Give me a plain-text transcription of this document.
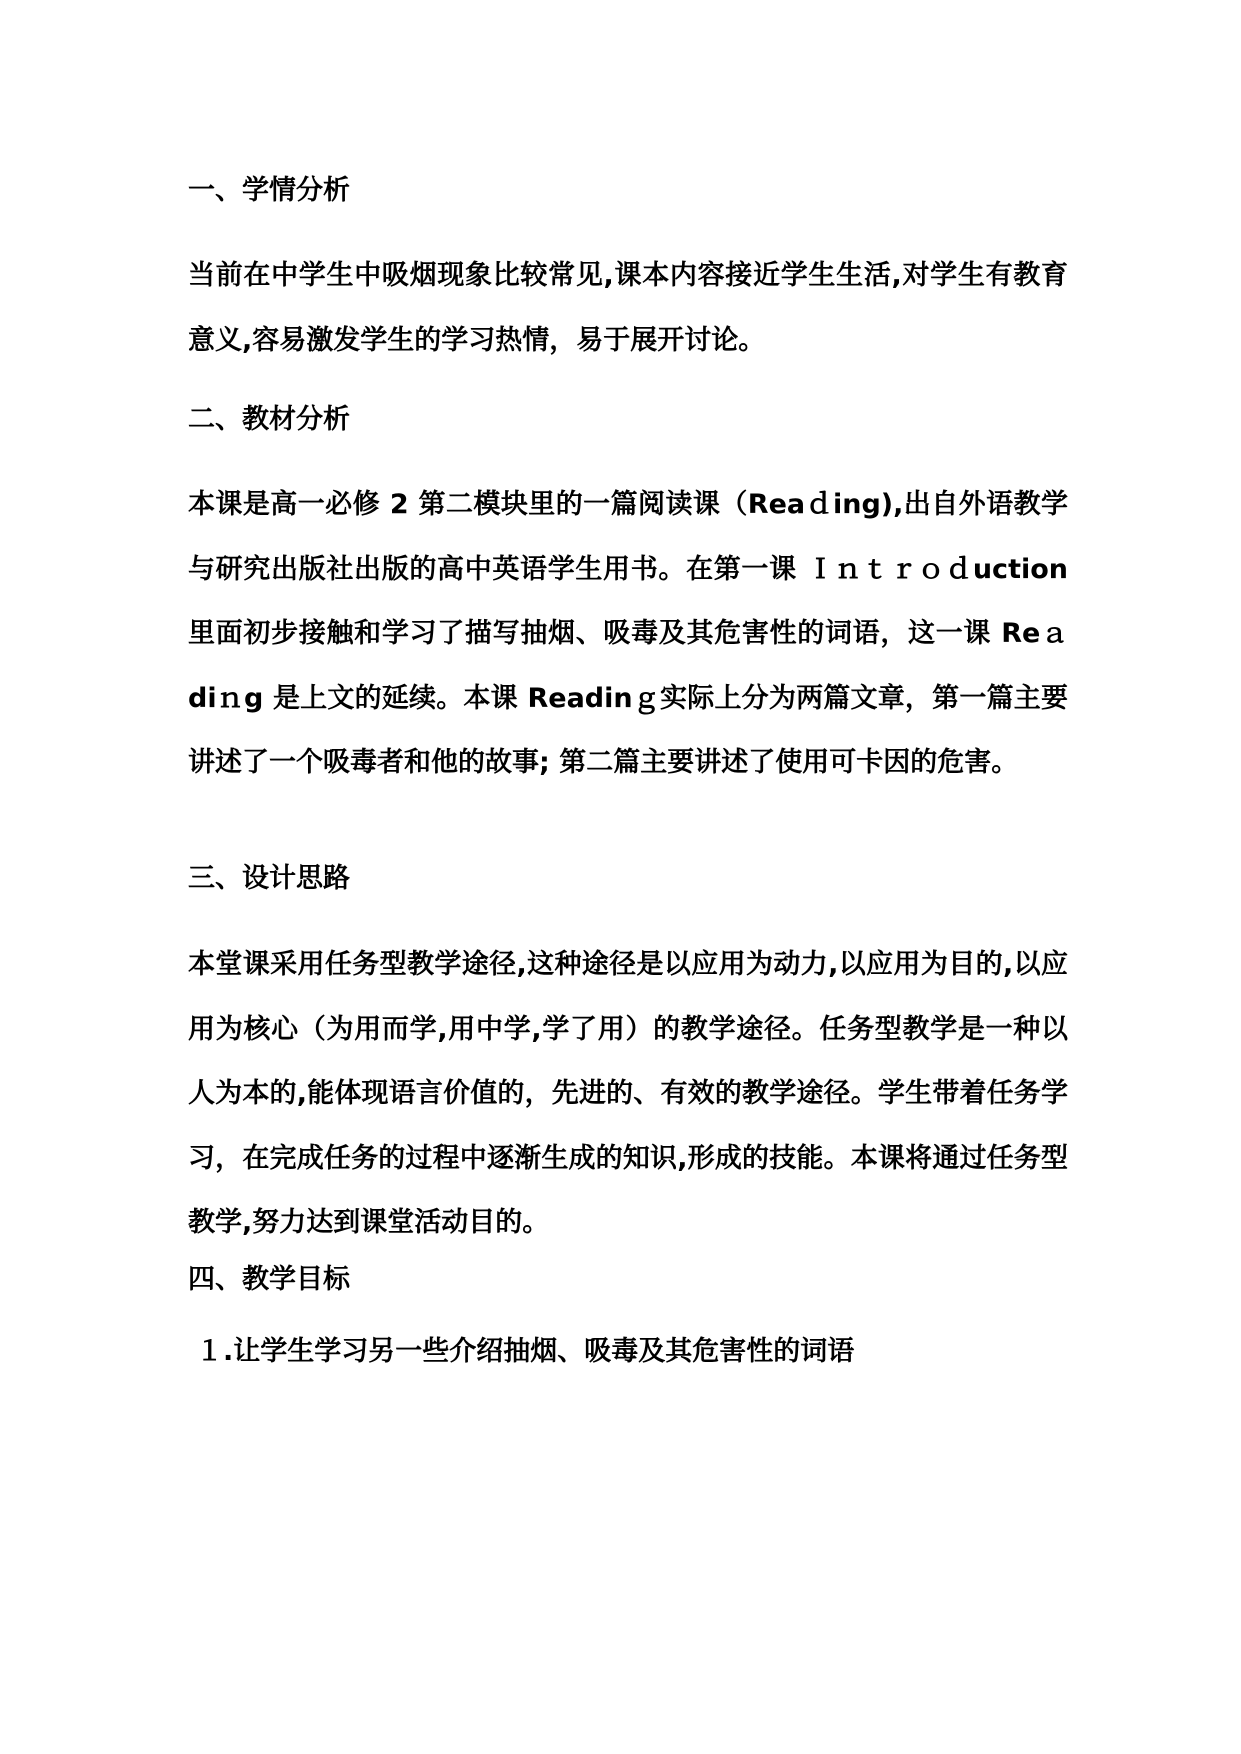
一、学情分析
当前在中学生中吸烟现象比较常见,课本内容接近学生生活,对学生有教育意义,容易激发学生的学习热情，易于展开讨论。
二、教材分析
本课是高一必修 2 第二模块里的一篇阅读课（Reaｄing),出自外语教学与研究出版社出版的高中英语学生用书。在第一课 Ｉｎｔｒｏｄuction 里面初步接触和学习了描写抽烟、吸毒及其危害性的词语，这一课 Reａdiｎg 是上文的延续。本课 Readinｇ实际上分为两篇文章，第一篇主要讲述了一个吸毒者和他的故事; 第二篇主要讲述了使用可卡因的危害。
三、设计思路
本堂课采用任务型教学途径,这种途径是以应用为动力,以应用为目的,以应用为核心（为用而学,用中学,学了用）的教学途径。任务型教学是一种以人为本的,能体现语言价值的，先进的、有效的教学途径。学生带着任务学习，在完成任务的过程中逐渐生成的知识,形成的技能。本课将通过任务型教学,努力达到课堂活动目的。
四、教学目标
１.让学生学习另一些介绍抽烟、吸毒及其危害性的词语
